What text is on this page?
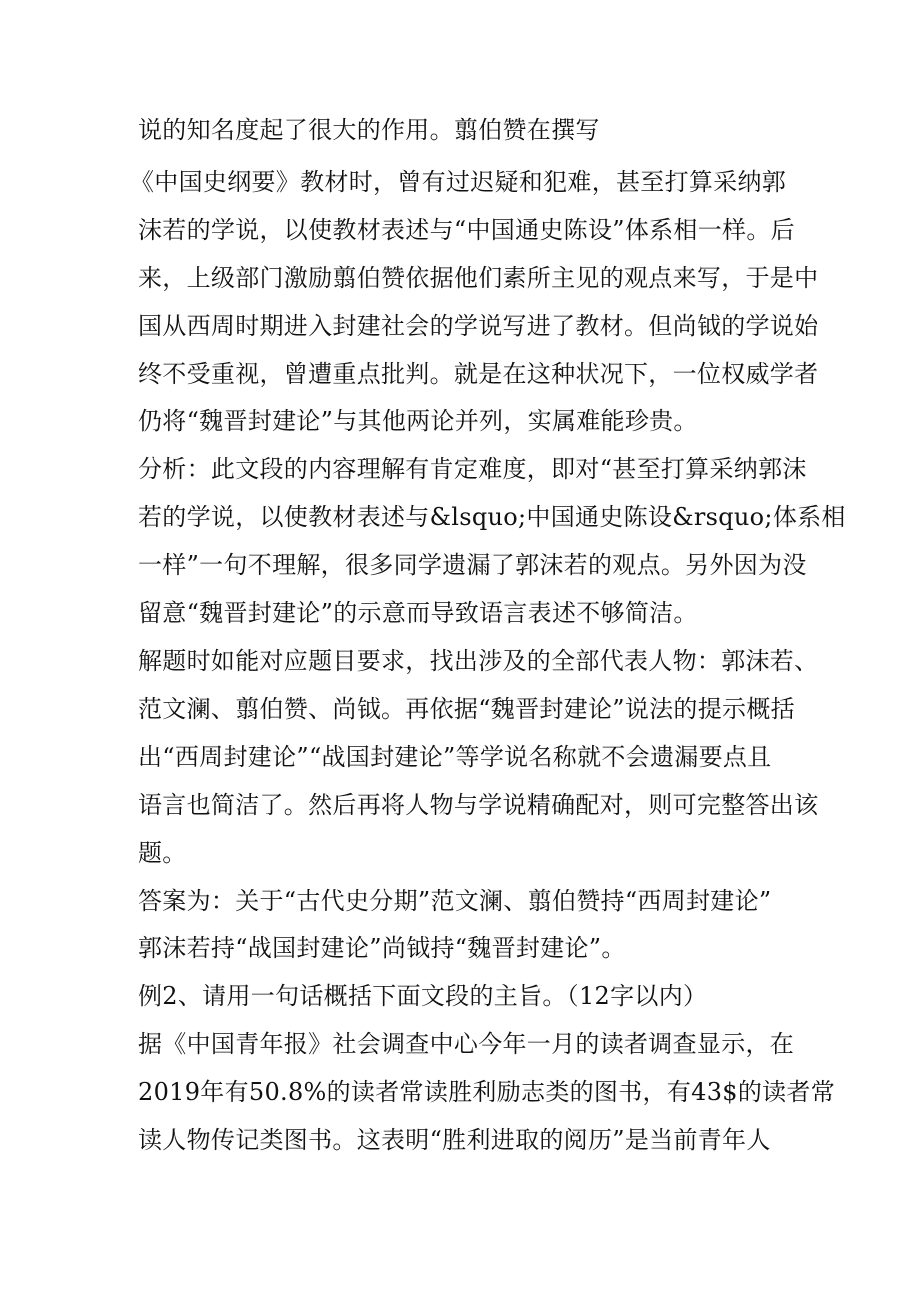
说的知名度起了很大的作用。翦伯赞在撰写
《中国史纲要》教材时，曾有过迟疑和犯难，甚至打算采纳郭
沫若的学说，以使教材表述与“中国通史陈设”体系相一样。后
来，上级部门激励翦伯赞依据他们素所主见的观点来写，于是中
国从西周时期进入封建社会的学说写进了教材。但尚钺的学说始
终不受重视，曾遭重点批判。就是在这种状况下，一位权威学者
仍将“魏晋封建论”与其他两论并列，实属难能珍贵。
分析：此文段的内容理解有肯定难度，即对“甚至打算采纳郭沫
若的学说，以使教材表述与&lsquo;中国通史陈设&rsquo;体系相
一样”一句不理解，很多同学遗漏了郭沫若的观点。另外因为没
留意“魏晋封建论”的示意而导致语言表述不够简洁。
解题时如能对应题目要求，找出涉及的全部代表人物：郭沫若、
范文澜、翦伯赞、尚钺。再依据“魏晋封建论”说法的提示概括
出“西周封建论”“战国封建论”等学说名称就不会遗漏要点且
语言也简洁了。然后再将人物与学说精确配对，则可完整答出该
题。
答案为：关于“古代史分期”范文澜、翦伯赞持“西周封建论”
郭沫若持“战国封建论”尚钺持“魏晋封建论”。
例2、请用一句话概括下面文段的主旨。（12字以内）
据《中国青年报》社会调查中心今年一月的读者调查显示，在
2019年有50.8%的读者常读胜利励志类的图书，有43$的读者常
读人物传记类图书。这表明“胜利进取的阅历”是当前青年人
